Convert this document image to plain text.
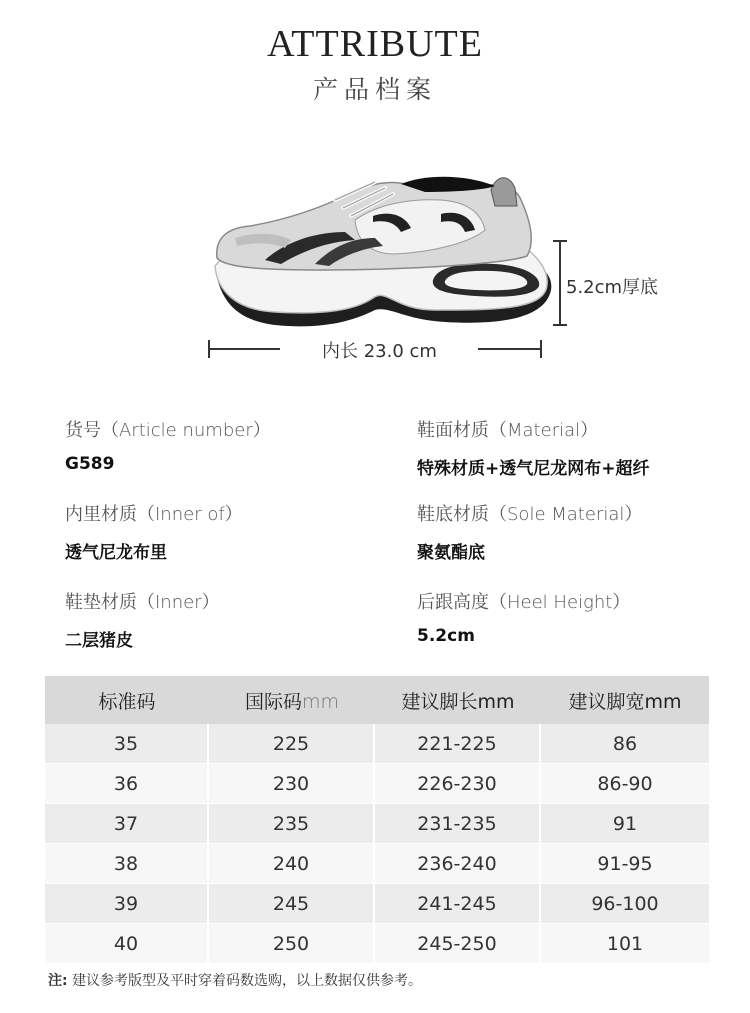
ATTRIBUTE
产品档案
5.2cm厚底
内长 23.0 cm
货号（Article number）
G589
鞋面材质（Material）
特殊材质+透气尼龙网布+超纤
内里材质（Inner of）
透气尼龙布里
鞋底材质（Sole Material）
聚氨酯底
鞋垫材质（Inner）
二层猪皮
后跟高度（Heel Height）
5.2cm
标准码	国际码mm	建议脚长mm	建议脚宽mm
35	225	221-225	86
36	230	226-230	86-90
37	235	231-235	91
38	240	236-240	91-95
39	245	241-245	96-100
40	250	245-250	101
注: 建议参考版型及平时穿着码数选购，以上数据仅供参考。
